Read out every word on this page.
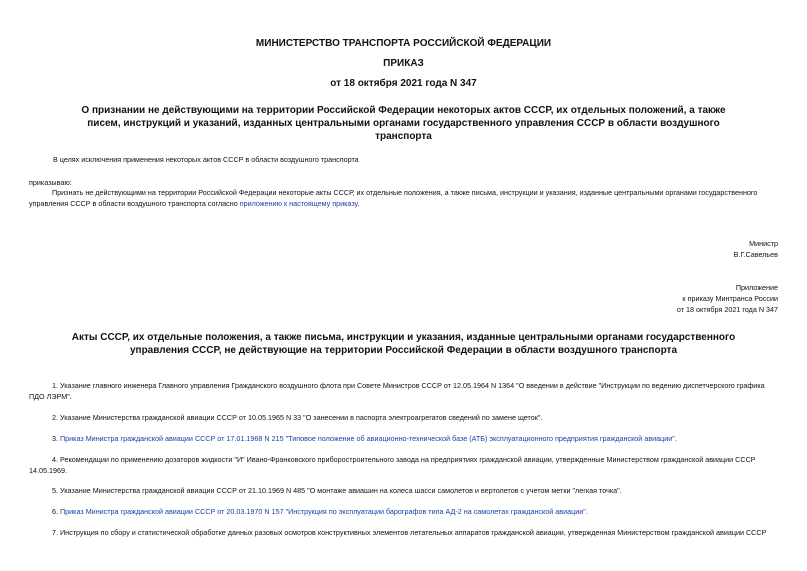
МИНИСТЕРСТВО ТРАНСПОРТА РОССИЙСКОЙ ФЕДЕРАЦИИ
ПРИКАЗ
от 18 октября 2021 года N 347
О признании не действующими на территории Российской Федерации некоторых актов СССР, их отдельных положений, а также писем, инструкций и указаний, изданных центральными органами государственного управления СССР в области воздушного транспорта
В целях исключения применения некоторых актов СССР в области воздушного транспорта
приказываю:
Признать не действующими на территории Российской Федерации некоторые акты СССР, их отдельные положения, а также письма, инструкции и указания, изданные центральными органами государственного управления СССР в области воздушного транспорта согласно приложению к настоящему приказу.
Министр
В.Г.Савельев
Приложение
к приказу Минтранса России
от 18 октября 2021 года N 347
Акты СССР, их отдельные положения, а также письма, инструкции и указания, изданные центральными органами государственного управления СССР, не действующие на территории Российской Федерации в области воздушного транспорта
1. Указание главного инженера Главного управления Гражданского воздушного флота при Совете Министров СССР от 12.05.1964 N 1364 "О введении в действие "Инструкции по ведению диспетчерского графика ПДО ЛЭРМ".
2. Указание Министерства гражданской авиации СССР от 10.05.1965 N 33 "О занесении в паспорта электроагрегатов сведений по замене щеток".
3. Приказ Министра гражданской авиации СССР от 17.01.1968 N 215 "Типовое положение об авиационно-технической базе (АТБ) эксплуатационного предприятия гражданской авиации".
4. Рекомендации по применению дозаторов жидкости "И" Ивано-Франковского приборостроительного завода на предприятиях гражданской авиации, утвержденные Министерством гражданской авиации СССР 14.05.1969.
5. Указание Министерства гражданской авиации СССР от 21.10.1969 N 485 "О монтаже авиашин на колеса шасси самолетов и вертолетов с учетом метки "легкая точка".
6. Приказ Министра гражданской авиации СССР от 20.03.1970 N 157 "Инструкция по эксплуатации барографов типа АД-2 на самолетах гражданской авиации".
7. Инструкция по сбору и статистической обработке данных разовых осмотров конструктивных элементов летательных аппаратов гражданской авиации, утвержденная Министерством гражданской авиации СССР
